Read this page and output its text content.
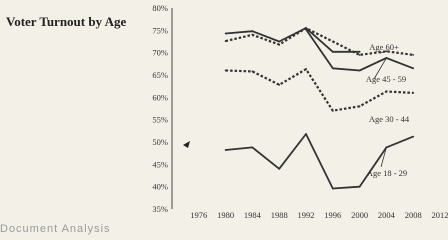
Voter Turnout by Age
35%
40%
45%
50%
55%
60%
65%
70%
75%
80%
1976 1980 1984 1988 1992 1996 2000 2004 2008 2012
Age 60+
Age 45 - 59
Age 30 - 44
Age 18 - 29
Document Analysis
